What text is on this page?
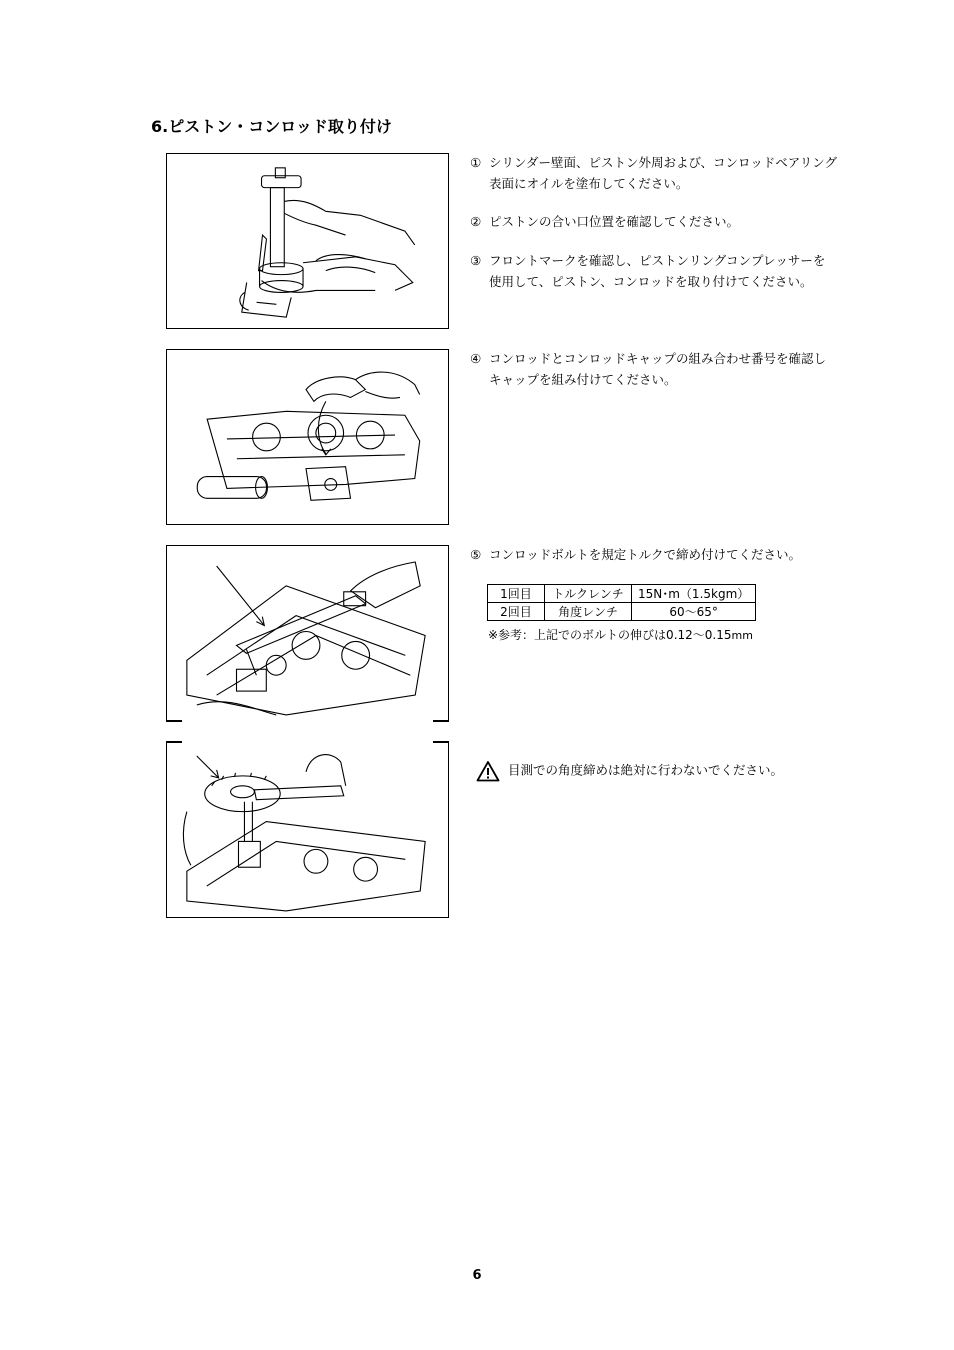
6.ピストン・コンロッド取り付け
① シリンダー壁面、ピストン外周および、コンロッドベアリング
表面にオイルを塗布してください。
② ピストンの合い口位置を確認してください。
③ フロントマークを確認し、ピストンリングコンプレッサーを
使用して、ピストン、コンロッドを取り付けてください。
④ コンロッドとコンロッドキャップの組み合わせ番号を確認し
キャップを組み付けてください。
⑤ コンロッドボルトを規定トルクで締め付けてください。
1回目	トルクレンチ	15N･m（1.5kgm）
2回目	角度レンチ	60～65°
※参考：上記でのボルトの伸びは0.12～0.15mm
目測での角度締めは絶対に行わないでください。
6
